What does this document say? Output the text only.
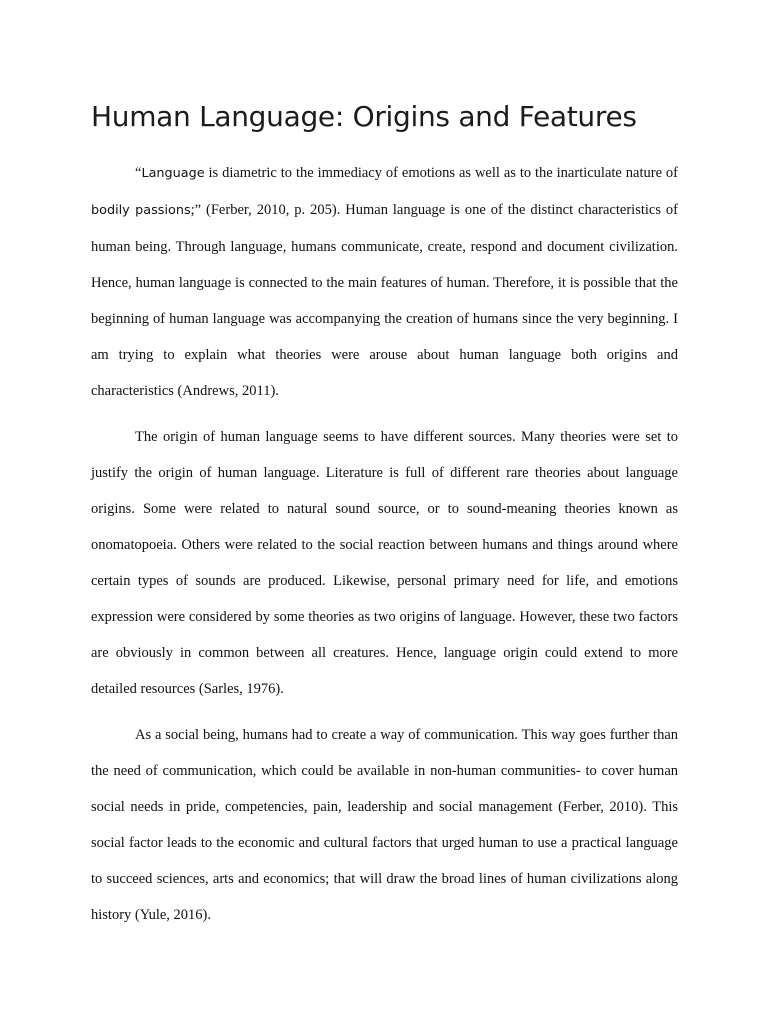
Human Language: Origins and Features

“Language is diametric to the immediacy of emotions as well as to the inarticulate nature of bodily passions;” (Ferber, 2010, p. 205). Human language is one of the distinct characteristics of human being. Through language, humans communicate, create, respond and document civilization. Hence, human language is connected to the main features of human. Therefore, it is possible that the beginning of human language was accompanying the creation of humans since the very beginning. I am trying to explain what theories were arouse about human language both origins and characteristics (Andrews, 2011).

The origin of human language seems to have different sources. Many theories were set to justify the origin of human language. Literature is full of different rare theories about language origins. Some were related to natural sound source, or to sound-meaning theories known as onomatopoeia. Others were related to the social reaction between humans and things around where certain types of sounds are produced. Likewise, personal primary need for life, and emotions expression were considered by some theories as two origins of language. However, these two factors are obviously in common between all creatures. Hence, language origin could extend to more detailed resources (Sarles, 1976).

As a social being, humans had to create a way of communication. This way goes further than the need of communication, which could be available in non-human communities- to cover human social needs in pride, competencies, pain, leadership and social management (Ferber, 2010). This social factor leads to the economic and cultural factors that urged human to use a practical language to succeed sciences, arts and economics; that will draw the broad lines of human civilizations along history (Yule, 2016).
